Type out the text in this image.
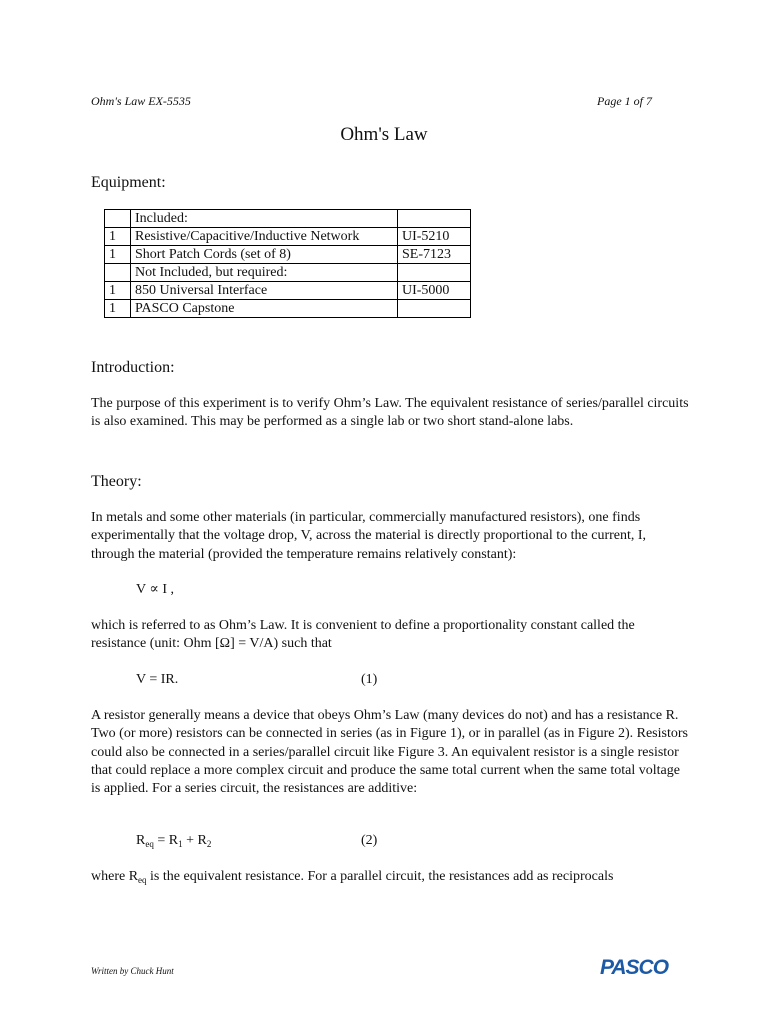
Ohm's Law EX-5535	Page 1 of 7
Ohm's Law
Equipment:
	Included:	
1	Resistive/Capacitive/Inductive Network	UI-5210
1	Short Patch Cords (set of 8)	SE-7123
	Not Included, but required:	
1	850 Universal Interface	UI-5000
1	PASCO Capstone	
Introduction:

The purpose of this experiment is to verify Ohm’s Law. The equivalent resistance of series/parallel circuits is also examined. This may be performed as a single lab or two short stand-alone labs.

Theory:

In metals and some other materials (in particular, commercially manufactured resistors), one finds experimentally that the voltage drop, V, across the material is directly proportional to the current, I, through the material (provided the temperature remains relatively constant):

V ∝ I ,

which is referred to as Ohm’s Law. It is convenient to define a proportionality constant called the resistance (unit: Ohm [Ω] = V/A) such that

V = IR.	(1)

A resistor generally means a device that obeys Ohm’s Law (many devices do not) and has a resistance R. Two (or more) resistors can be connected in series (as in Figure 1), or in parallel (as in Figure 2). Resistors could also be connected in a series/parallel circuit like Figure 3. An equivalent resistor is a single resistor that could replace a more complex circuit and produce the same total current when the same total voltage is applied. For a series circuit, the resistances are additive:

$R_{eq} = R_1 + R_2$	(2)

where $R_{eq}$ is the equivalent resistance. For a parallel circuit, the resistances add as reciprocals

Written by Chuck Hunt	PASCO
